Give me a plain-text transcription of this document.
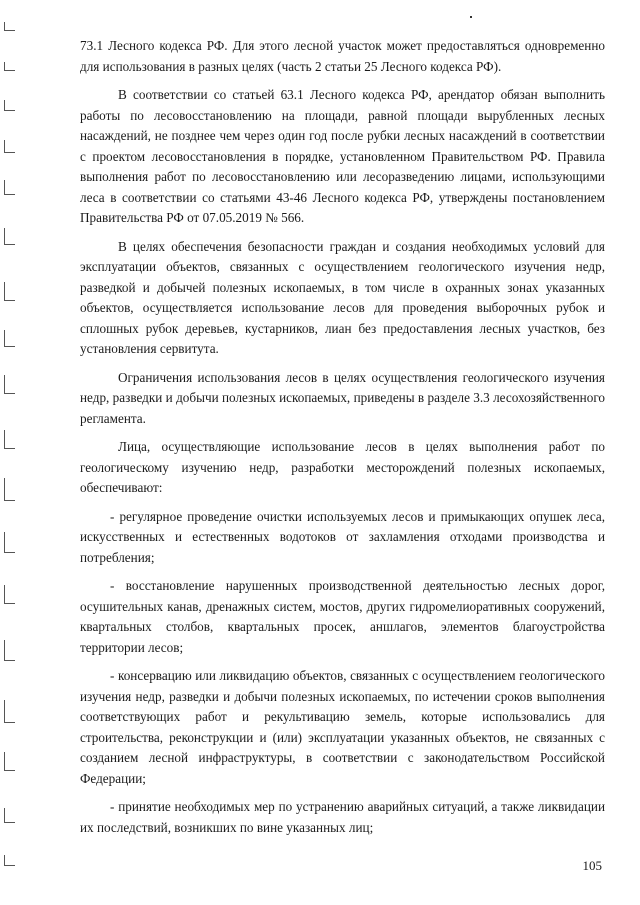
73.1 Лесного кодекса РФ. Для этого лесной участок может предоставляться одновременно для использования в разных целях (часть 2 статьи 25 Лесного кодекса РФ).

В соответствии со статьей 63.1 Лесного кодекса РФ, арендатор обязан выполнить работы по лесовосстановлению на площади, равной площади вырубленных лесных насаждений, не позднее чем через один год после рубки лесных насаждений в соответствии с проектом лесовосстановления в порядке, установленном Правительством РФ. Правила выполнения работ по лесовосстановлению или лесоразведению лицами, использующими леса в соответствии со статьями 43-46 Лесного кодекса РФ, утверждены постановлением Правительства РФ от 07.05.2019 № 566.

В целях обеспечения безопасности граждан и создания необходимых условий для эксплуатации объектов, связанных с осуществлением геологического изучения недр, разведкой и добычей полезных ископаемых, в том числе в охранных зонах указанных объектов, осуществляется использование лесов для проведения выборочных рубок и сплошных рубок деревьев, кустарников, лиан без предоставления лесных участков, без установления сервитута.

Ограничения использования лесов в целях осуществления геологического изучения недр, разведки и добычи полезных ископаемых, приведены в разделе 3.3 лесохозяйственного регламента.

Лица, осуществляющие использование лесов в целях выполнения работ по геологическому изучению недр, разработки месторождений полезных ископаемых, обеспечивают:

- регулярное проведение очистки используемых лесов и примыкающих опушек леса, искусственных и естественных водотоков от захламления отходами производства и потребления;

- восстановление нарушенных производственной деятельностью лесных дорог, осушительных канав, дренажных систем, мостов, других гидромелиоративных сооружений, квартальных столбов, квартальных просек, аншлагов, элементов благоустройства территории лесов;

- консервацию или ликвидацию объектов, связанных с осуществлением геологического изучения недр, разведки и добычи полезных ископаемых, по истечении сроков выполнения соответствующих работ и рекультивацию земель, которые использовались для строительства, реконструкции и (или) эксплуатации указанных объектов, не связанных с созданием лесной инфраструктуры, в соответствии с законодательством Российской Федерации;

- принятие необходимых мер по устранению аварийных ситуаций, а также ликвидации их последствий, возникших по вине указанных лиц;

105
